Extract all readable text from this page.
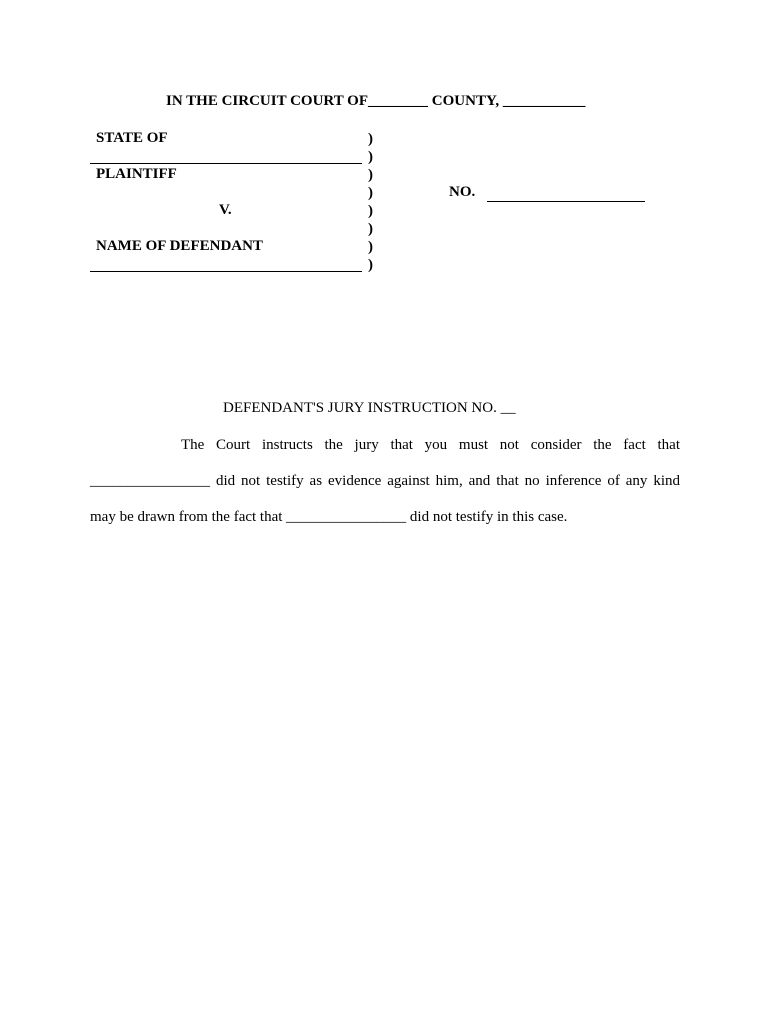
IN THE CIRCUIT COURT OF________ COUNTY, ___________
STATE OF
PLAINTIFF
V.
NAME OF DEFENDANT
)
)
)
)
)
)
)
)
NO.
DEFENDANT'S JURY INSTRUCTION NO. __
The Court instructs the jury that you must not consider the fact that
________________ did not testify as evidence against him, and that no inference of any kind
may be drawn from the fact that ________________ did not testify in this case.
